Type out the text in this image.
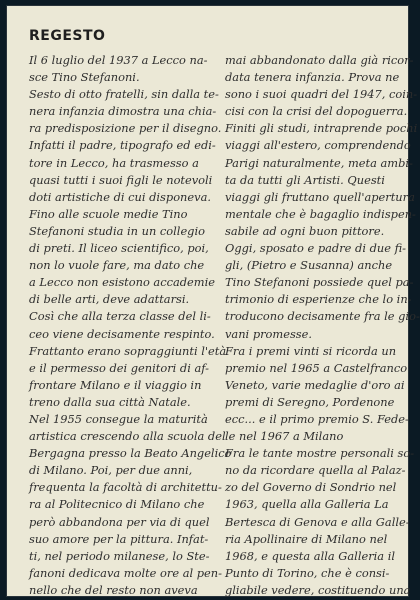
REGESTO
Il 6 luglio del 1937 a Lecco na-
sce Tino Stefanoni.
Sesto di otto fratelli, sin dalla te-
nera infanzia dimostra una chia-
ra predisposizione per il disegno.
Infatti il padre, tipografo ed edi-
tore in Lecco, ha trasmesso a
quasi tutti i suoi figli le notevoli
doti artistiche di cui disponeva.
Fino alle scuole medie Tino
Stefanoni studia in un collegio
di preti. Il liceo scientifico, poi,
non lo vuole fare, ma dato che
a Lecco non esistono accademie
di belle arti, deve adattarsi.
Così che alla terza classe del li-
ceo viene decisamente respinto.
Frattanto erano sopraggiunti l'età
e il permesso dei genitori di af-
frontare Milano e il viaggio in
treno dalla sua città Natale.
Nel 1955 consegue la maturità
artistica crescendo alla scuola del
Bergagna presso la Beato Angelico
di Milano. Poi, per due anni,
frequenta la facoltà di architettu-
ra al Politecnico di Milano che
però abbandona per via di quel
suo amore per la pittura. Infat-
ti, nel periodo milanese, lo Ste-
fanoni dedicava molte ore al pen-
nello che del resto non aveva
mai abbandonato dalla già ricor-
data tenera infanzia. Prova ne
sono i suoi quadri del 1947, coin-
cisi con la crisi del dopoguerra.
Finiti gli studi, intraprende pochi
viaggi all'estero, comprendendo
Parigi naturalmente, meta ambi-
ta da tutti gli Artisti. Questi
viaggi gli fruttano quell'apertura
mentale che è bagaglio indispen-
sabile ad ogni buon pittore.
Oggi, sposato e padre di due fi-
gli, (Pietro e Susanna) anche
Tino Stefanoni possiede quel pa-
trimonio di esperienze che lo in-
troducono decisamente fra le gio-
vani promesse.
Fra i premi vinti si ricorda un
premio nel 1965 a Castelfranco
Veneto, varie medaglie d'oro ai
premi di Seregno, Pordenone
ecc... e il primo premio S. Fede-
le nel 1967 a Milano
Fra le tante mostre personali so-
no da ricordare quella al Palaz-
zo del Governo di Sondrio nel
1963, quella alla Galleria La
Bertesca di Genova e alla Galle-
ria Apollinaire di Milano nel
1968, e questa alla Galleria il
Punto di Torino, che è consi-
gliabile vedere, costituendo una
